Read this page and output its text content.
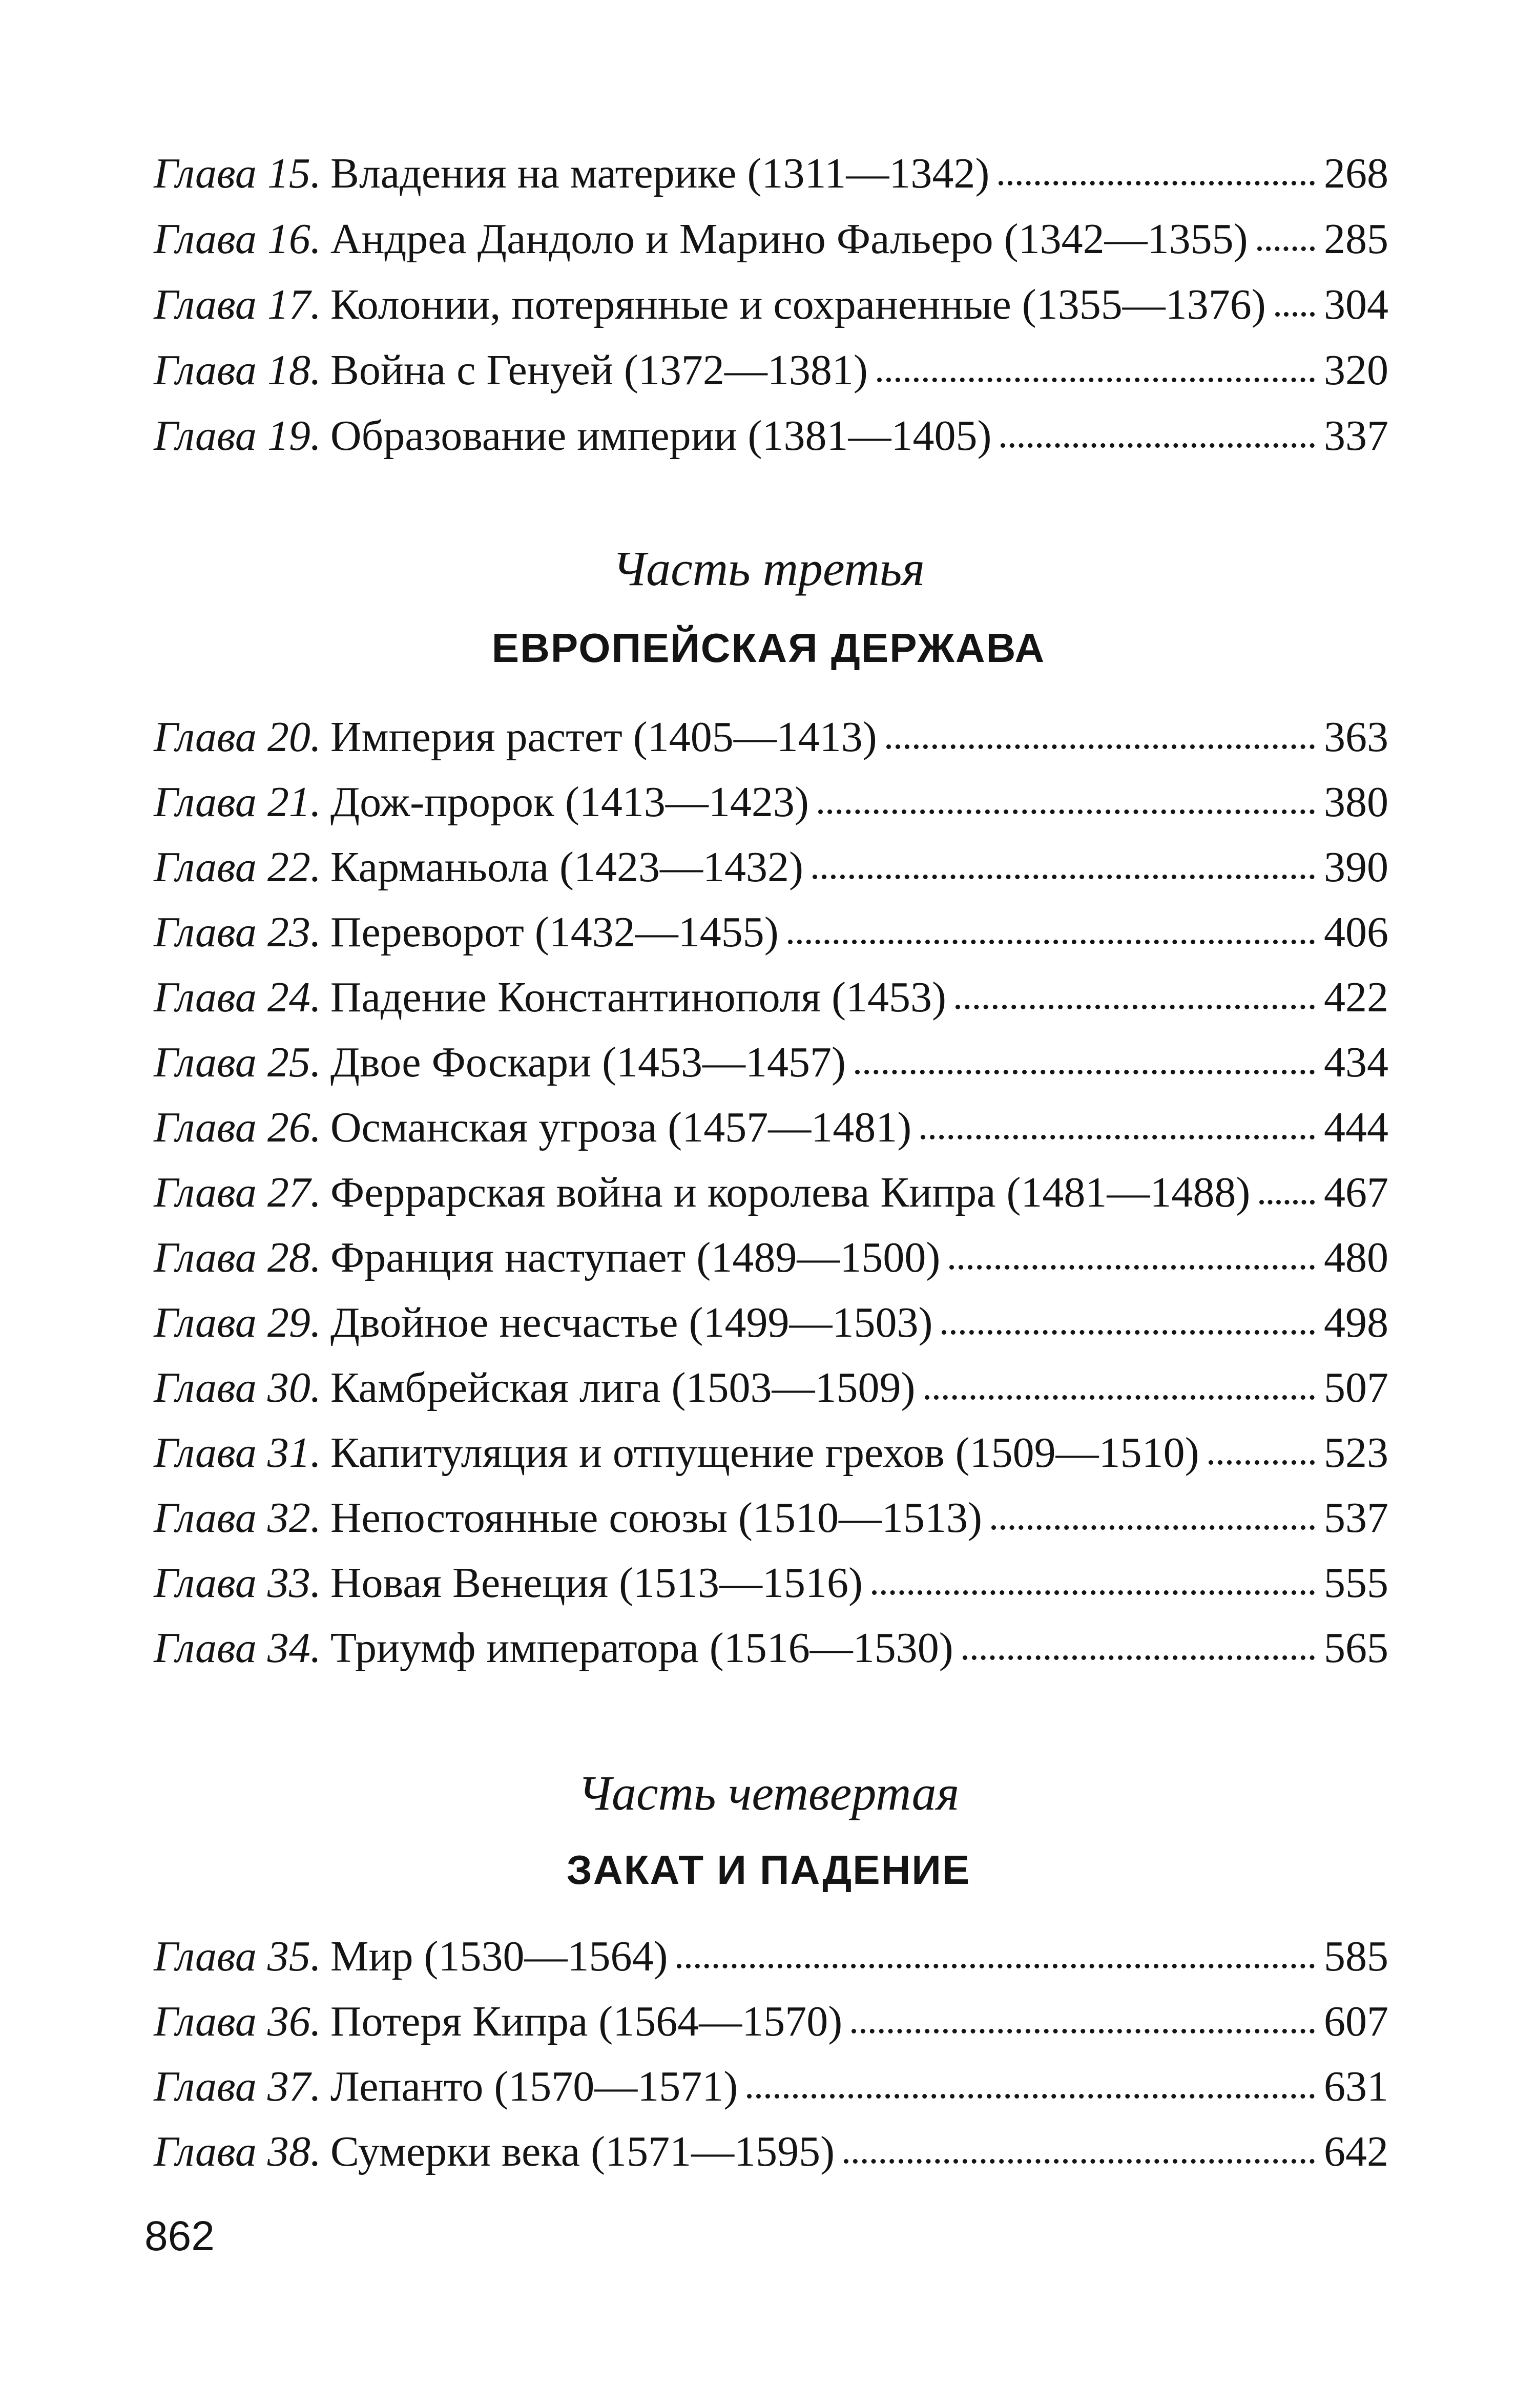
Глава 15. Владения на материке (1311—1342)	268
Глава 16. Андреа Дандоло и Марино Фальеро (1342—1355) 285
Глава 17. Колонии, потерянные и сохраненные (1355—1376) 304
Глава 18. Война с Генуей (1372—1381)	320
Глава 19. Образование империи (1381—1405)	337
Часть третья
ЕВРОПЕЙСКАЯ ДЕРЖАВА
Глава 20. Империя растет (1405—1413)	363
Глава 21. Дож-пророк (1413—1423)	380
Глава 22. Карманьола (1423—1432)	390
Глава 23. Переворот (1432—1455)	406
Глава 24. Падение Константинополя (1453)	422
Глава 25. Двое Фоскари (1453—1457)	434
Глава 26. Османская угроза (1457—1481)	444
Глава 27. Феррарская война и королева Кипра (1481—1488) 467
Глава 28. Франция наступает (1489—1500)	480
Глава 29. Двойное несчастье (1499—1503)	498
Глава 30. Камбрейская лига (1503—1509)	507
Глава 31. Капитуляция и отпущение грехов (1509—1510)	523
Глава 32. Непостоянные союзы (1510—1513)	537
Глава 33. Новая Венеция (1513—1516)	555
Глава 34. Триумф императора (1516—1530)	565
Часть четвертая
ЗАКАТ И ПАДЕНИЕ
Глава 35. Мир (1530—1564)	585
Глава 36. Потеря Кипра (1564—1570)	607
Глава 37. Лепанто (1570—1571)	631
Глава 38. Сумерки века (1571—1595)	642
862
